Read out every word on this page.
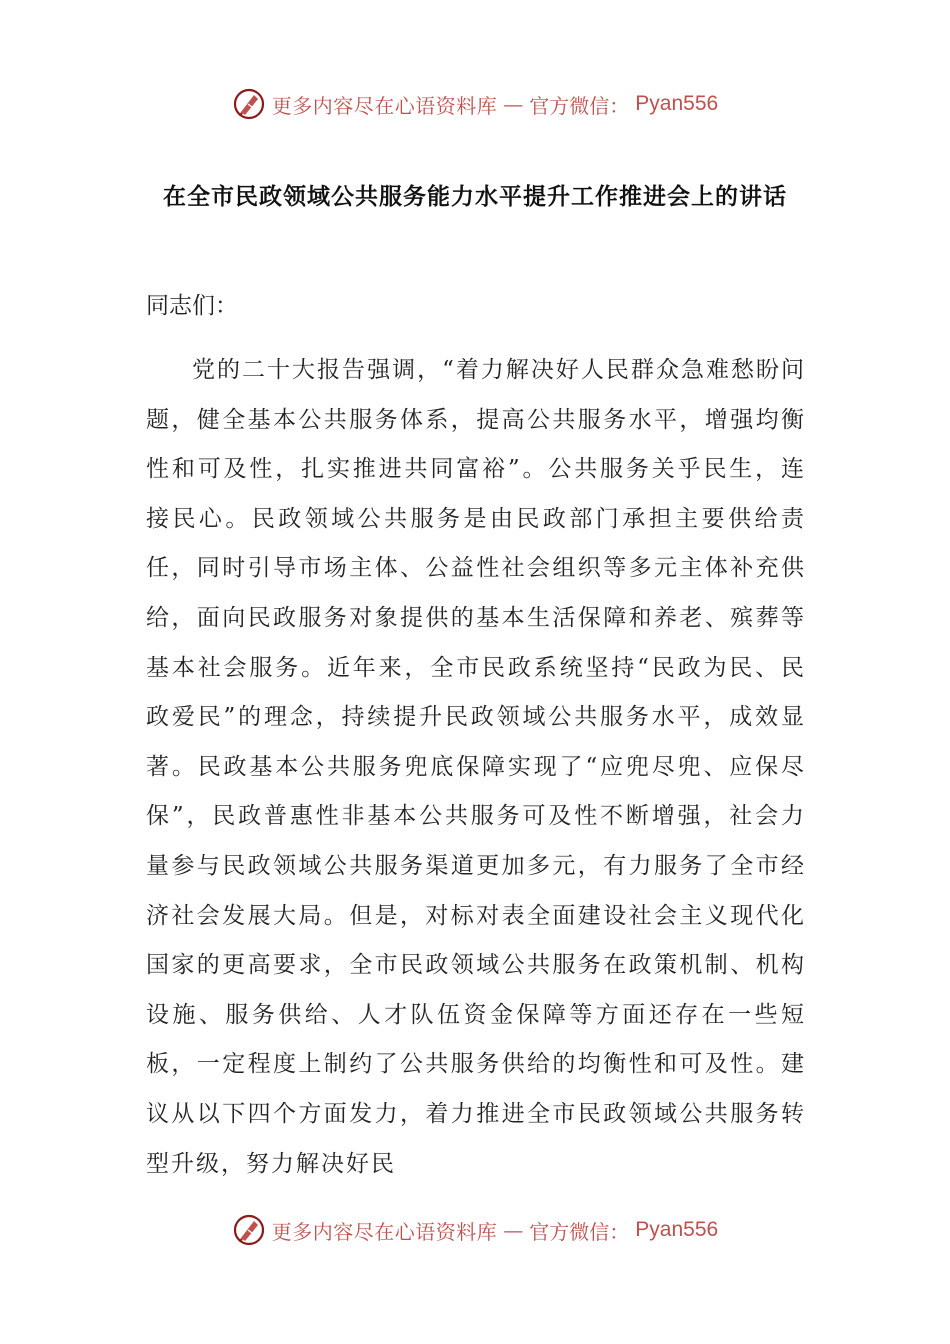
更多内容尽在心语资料库 — 官方微信： Pyan556
在全市民政领域公共服务能力水平提升工作推进会上的讲话

同志们：

党的二十大报告强调，“着力解决好人民群众急难愁盼问题，健全基本公共服务体系，提高公共服务水平，增强均衡性和可及性，扎实推进共同富裕”。公共服务关乎民生，连接民心。民政领域公共服务是由民政部门承担主要供给责任，同时引导市场主体、公益性社会组织等多元主体补充供给，面向民政服务对象提供的基本生活保障和养老、殡葬等基本社会服务。近年来，全市民政系统坚持“民政为民、民政爱民”的理念，持续提升民政领域公共服务水平，成效显著。民政基本公共服务兜底保障实现了“应兜尽兜、应保尽保”，民政普惠性非基本公共服务可及性不断增强，社会力量参与民政领域公共服务渠道更加多元，有力服务了全市经济社会发展大局。但是，对标对表全面建设社会主义现代化国家的更高要求，全市民政领域公共服务在政策机制、机构设施、服务供给、人才队伍资金保障等方面还存在一些短板，一定程度上制约了公共服务供给的均衡性和可及性。建议从以下四个方面发力，着力推进全市民政领域公共服务转型升级，努力解决好民

更多内容尽在心语资料库 — 官方微信： Pyan556
